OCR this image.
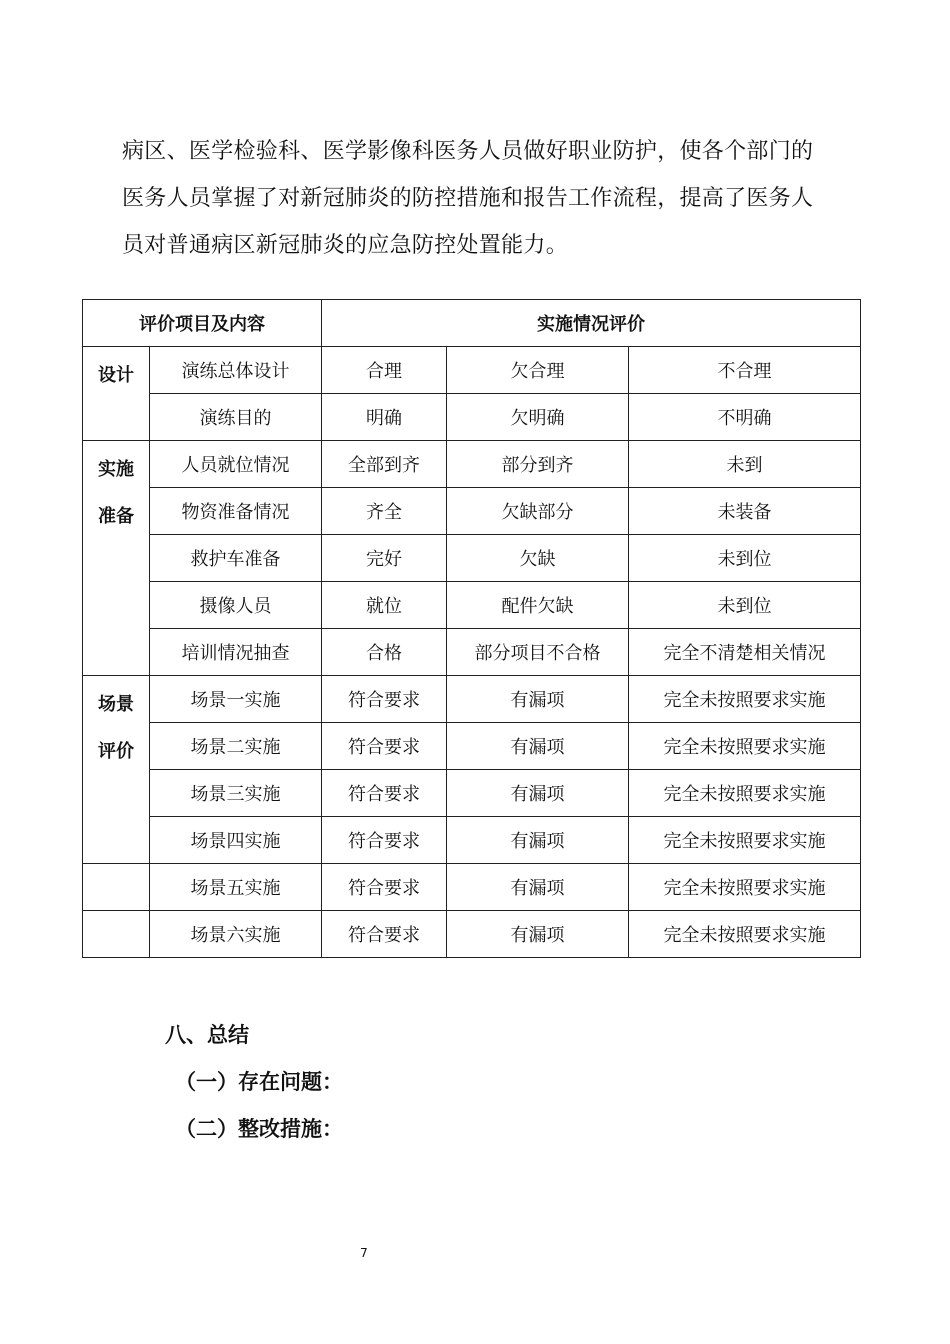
病区、医学检验科、医学影像科医务人员做好职业防护，使各个部门的

医务人员掌握了对新冠肺炎的防控措施和报告工作流程，提高了医务人

员对普通病区新冠肺炎的应急防控处置能力。

评价项目及内容		实施情况评价		

设计	演练总体设计	合理	欠合理	不合理
	演练目的	明确	欠明确	不明确

实施
准备	人员就位情况	全部到齐	部分到齐	未到
	物资准备情况	齐全	欠缺部分	未装备
	救护车准备	完好	欠缺	未到位
	摄像人员	就位	配件欠缺	未到位
	培训情况抽查	合格	部分项目不合格	完全不清楚相关情况

场景
评价	场景一实施	符合要求	有漏项	完全未按照要求实施
	场景二实施	符合要求	有漏项	完全未按照要求实施
	场景三实施	符合要求	有漏项	完全未按照要求实施
	场景四实施	符合要求	有漏项	完全未按照要求实施
	场景五实施	符合要求	有漏项	完全未按照要求实施
	场景六实施	符合要求	有漏项	完全未按照要求实施
八、总结
（一）存在问题：
（二）整改措施：
7
